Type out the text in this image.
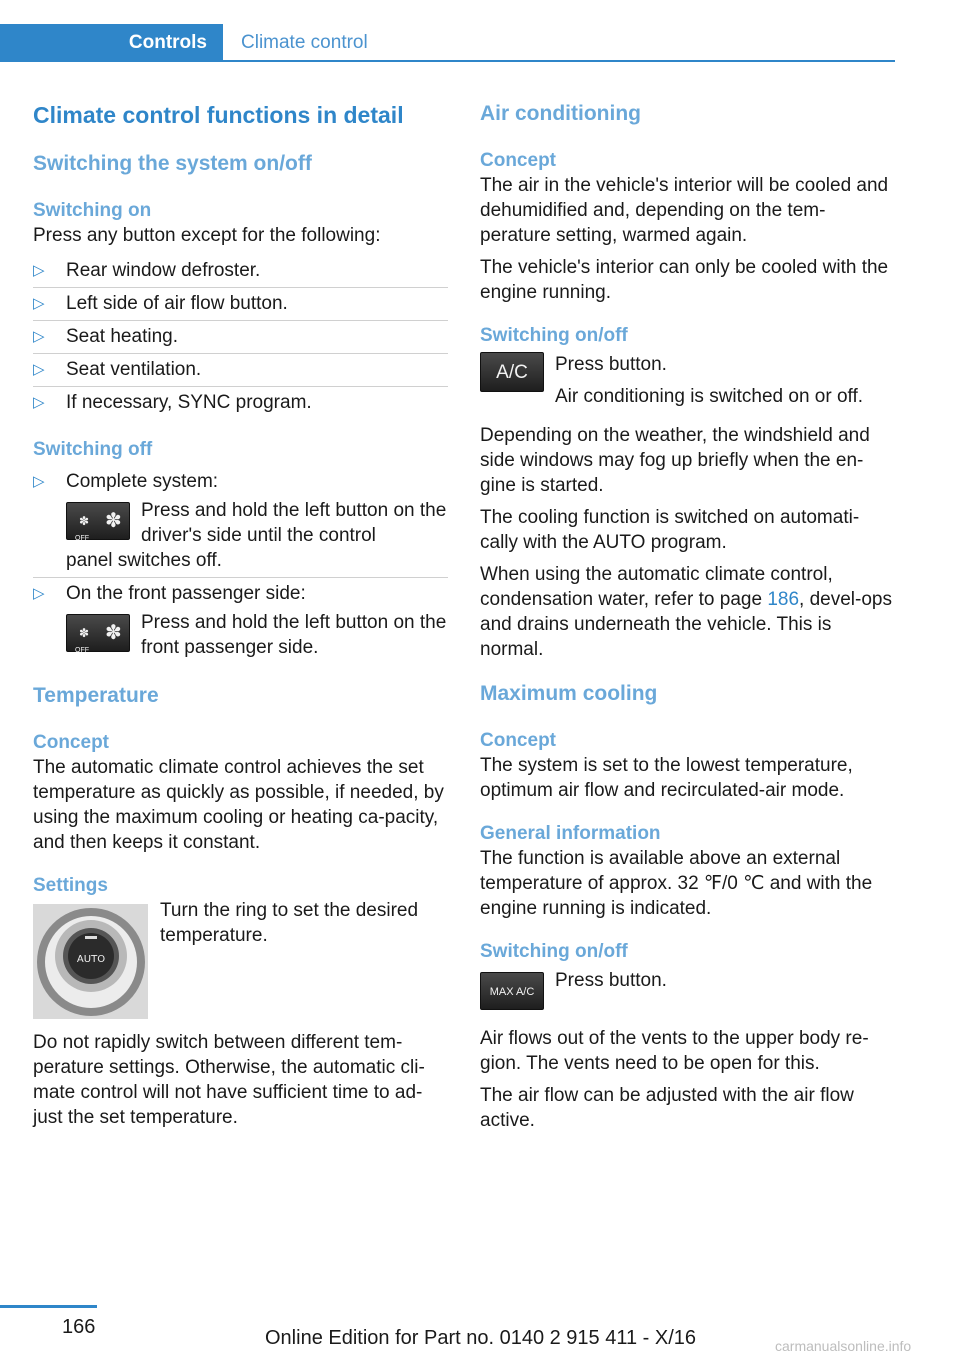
Controls	Climate control
Climate control functions in detail
Switching the system on/off
Switching on

Press any button except for the following:

▷ Rear window defroster.
▷ Left side of air flow button.
▷ Seat heating.
▷ Seat ventilation.
▷ If necessary, SYNC program.
Switching off
▷ Complete system:
✽
OFF
✽ Press and hold the left button on the driver's side until the control

panel switches off.
▷ On the front passenger side:
✽
OFF
✽ Press and hold the left button on the front passenger side.

Temperature
Concept

The automatic climate control achieves the set temperature as quickly as possible, if needed, by using the maximum cooling or heating ca‐pacity, and then keeps it constant.

Settings
AUTO

Turn the ring to set the desired temperature.

Do not rapidly switch between different tem‐perature settings. Otherwise, the automatic cli‐mate control will not have sufficient time to ad‐just the set temperature.

Air conditioning
Concept

The air in the vehicle's interior will be cooled and dehumidified and, depending on the tem‐perature setting, warmed again.

The vehicle's interior can only be cooled with the engine running.

Switching on/off
A/C	Press button.

Air conditioning is switched on or off.

Depending on the weather, the windshield and side windows may fog up briefly when the en‐gine is started.

The cooling function is switched on automati‐cally with the AUTO program.

When using the automatic climate control, condensation water, refer to page 186, devel‐ops and drains underneath the vehicle. This is normal.

Maximum cooling
Concept

The system is set to the lowest temperature, optimum air flow and recirculated-air mode.

General information

The function is available above an external temperature of approx. 32 ℉/0 ℃ and with the engine running is indicated.

Switching on/off
MAX A/C

Press button.

Air flows out of the vents to the upper body re‐gion. The vents need to be open for this.

The air flow can be adjusted with the air flow active.

166	Online Edition for Part no. 0140 2 915 411 - X/16	carmanualsonline.info
